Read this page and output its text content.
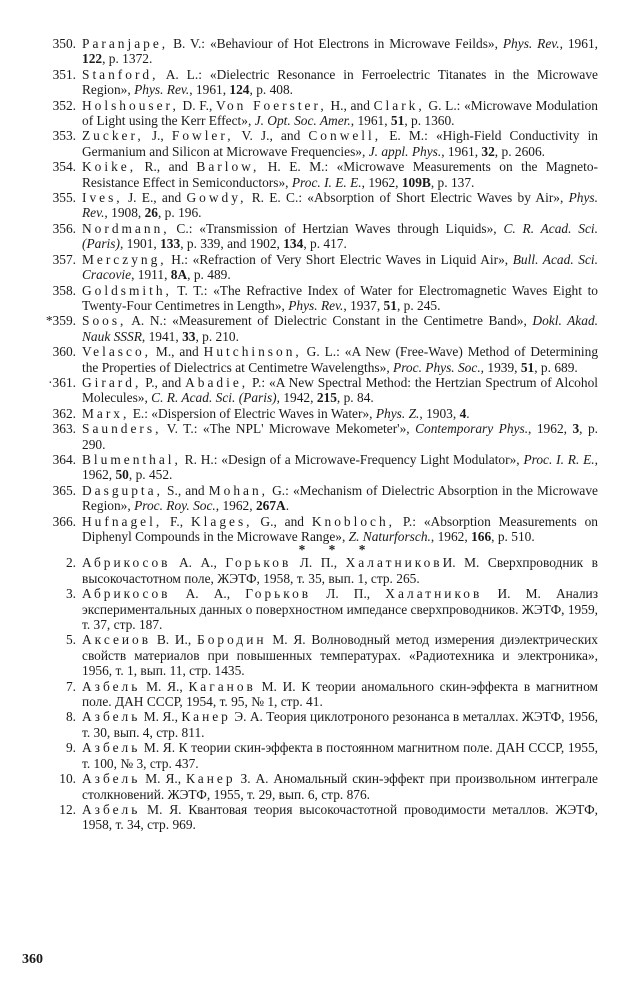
350. Paranjape, B. V.: «Behaviour of Hot Electrons in Microwave Feilds», Phys. Rev., 1961, 122, p. 1372.
351. Stanford, A. L.: «Dielectric Resonance in Ferroelectric Titanates in the Microwave Region», Phys. Rev., 1961, 124, p. 408.
352. Holshouser, D. F., Von Foerster, H., and Clark, G. L.: «Microwave Modulation of Light using the Kerr Effect», J. Opt. Soc. Amer., 1961, 51, p. 1360.
353. Zucker, J., Fowler, V. J., and Conwell, E. M.: «High-Field Conductivity in Germanium and Silicon at Microwave Frequencies», J. appl. Phys., 1961, 32, p. 2606.
354. Koike, R., and Barlow, H. E. M.: «Microwave Measurements on the Magneto-Resistance Effect in Semiconductors», Proc. I. E. E., 1962, 109B, p. 137.
355. Ives, J. E., and Gowdy, R. E. C.: «Absorption of Short Electric Waves by Air», Phys. Rev., 1908, 26, p. 196.
356. Nordmann, C.: «Transmission of Hertzian Waves through Liquids», C. R. Acad. Sci. (Paris), 1901, 133, p. 339, and 1902, 134, p. 417.
357. Merczyng, H.: «Refraction of Very Short Electric Waves in Liquid Air», Bull. Acad. Sci. Cracovie, 1911, 8A, p. 489.
358. Goldsmith, T. T.: «The Refractive Index of Water for Electromagnetic Waves Eight to Twenty-Four Centimetres in Length», Phys. Rev., 1937, 51, p. 245.
*359. Soos, A. N.: «Measurement of Dielectric Constant in the Centimetre Band», Dokl. Akad. Nauk SSSR, 1941, 33, p. 210.
360. Velasco, M., and Hutchinson, G. L.: «A New (Free-Wave) Method of Determining the Properties of Dielectrics at Centimetre Wavelengths», Proc. Phys. Soc., 1939, 51, p. 689.
·361. Girard, P., and Abadie, P.: «A New Spectral Method: the Hertzian Spectrum of Alcohol Molecules», C. R. Acad. Sci. (Paris), 1942, 215, p. 84.
362. Marx, E.: «Dispersion of Electric Waves in Water», Phys. Z., 1903, 4.
363. Saunders, V. T.: «The NPL' Microwave Mekometer'», Contemporary Phys., 1962, 3, p. 290.
364. Blumenthal, R. H.: «Design of a Microwave-Frequency Light Modulator», Proc. I. R. E., 1962, 50, p. 452.
365. Dasgupta, S., and Mohan, G.: «Mechanism of Dielectric Absorption in the Microwave Region», Proc. Roy. Soc., 1962, 267A.
366. Hufnagel, F., Klages, G., and Knobloch, P.: «Absorption Measurements on Diphenyl Compounds in the Microwave Range», Z. Naturforsch., 1962, 166, p. 510.
* * *
2. Абрикосов А. А., Горьков Л. П., ХалатниковИ. М. Сверхпроводник в высокочастотном поле, ЖЭТФ, 1958, т. 35, вып. 1, стр. 265.
3. Абрикосов А. А., Горьков Л. П., Халатников И. М. Анализ экспериментальных данных о поверхностном импедансе сверхпроводников. ЖЭТФ, 1959, т. 37, стр. 187.
5. Аксеиов В. И., Бородин М. Я. Волноводный метод измерения диэлектрических свойств материалов при повышенных температурах. «Радиотехника и электроника», 1956, т. 1, вып. 11, стр. 1435.
7. Азбель М. Я., Каганов М. И. К теории аномального скин-эффекта в магнитном поле. ДАН СССР, 1954, т. 95, № 1, стр. 41.
8. Азбель М. Я., Канер Э. А. Теория циклотроного резонанса в металлах. ЖЭТФ, 1956, т. 30, вып. 4, стр. 811.
9. Азбель М. Я. К теории скин-эффекта в постоянном магнитном поле. ДАН СССР, 1955, т. 100, № 3, стр. 437.
10. Азбель М. Я., Канер З. А. Аномальный скин-эффект при произвольном интеграле столкновений. ЖЭТФ, 1955, т. 29, вып. 6, стр. 876.
12. Азбель М. Я. Квантовая теория высокочастотной проводимости металлов. ЖЭТФ, 1958, т. 34, стр. 969.
360
